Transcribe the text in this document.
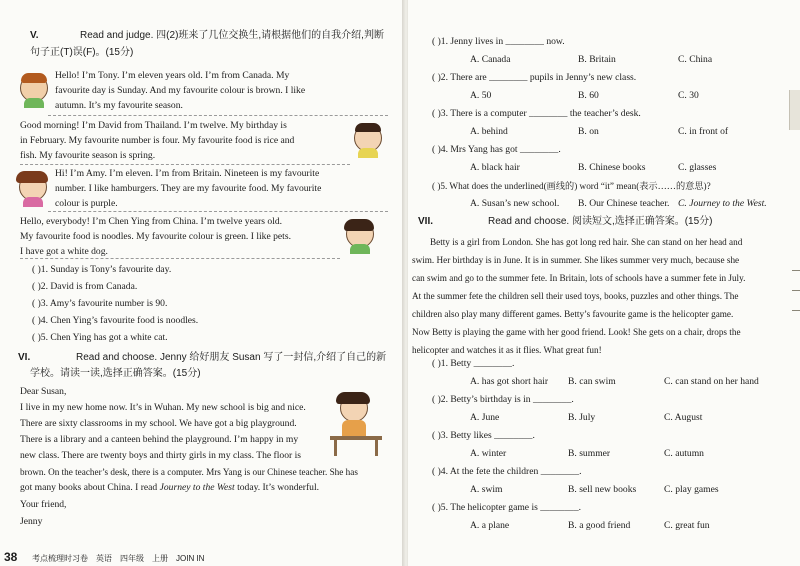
V.	Read and judge. 四(2)班来了几位交换生,请根据他们的自我介绍,判断
句子正(T)误(F)。(15分)
Hello! I’m Tony. I’m eleven years old. I’m from Canada. My
favourite day is Sunday. And my favourite colour is brown. I like
autumn. It’s my favourite season.
Good morning! I’m David from Thailand. I’m twelve. My birthday is
in February. My favourite number is four. My favourite food is rice and
fish. My favourite season is spring.
Hi! I’m Amy. I’m eleven. I’m from Britain. Nineteen is my favourite
number. I like hamburgers. They are my favourite food. My favourite
colour is purple.
Hello, everybody! I’m Chen Ying from China. I’m twelve years old.
My favourite food is noodles. My favourite colour is green. I like pets.
I have got a white dog.
( )1. Sunday is Tony’s favourite day.
( )2. David is from Canada.
( )3. Amy’s favourite number is 90.
( )4. Chen Ying’s favourite food is noodles.
( )5. Chen Ying has got a white cat.
VI.	Read and choose. Jenny 给好朋友 Susan 写了一封信,介绍了自己的新
学校。请读一读,选择正确答案。(15分)
Dear Susan,
I live in my new home now. It’s in Wuhan. My new school is big and nice.
There are sixty classrooms in my school. We have got a big playground.
There is a library and a canteen behind the playground. I’m happy in my
new class. There are twenty boys and thirty girls in my class. The floor is
brown. On the teacher’s desk, there is a computer. Mrs Yang is our Chinese teacher. She has
got many books about China. I read Journey to the West today. It’s wonderful.
Your friend,
Jenny
38 考点梳理时习卷　英语　四年级　上册　JOIN IN
( )1. Jenny lives in ________ now.
A. Canada	B. Britain	C. China
( )2. There are ________ pupils in Jenny’s new class.
A. 50	B. 60	C. 30
( )3. There is a computer ________ the teacher’s desk.
A. behind	B. on	C. in front of
( )4. Mrs Yang has got ________.
A. black hair	B. Chinese books	C. glasses
( )5. What does the underlined(画线的) word “it” mean(表示……的意思)?
A. Susan’s new school. B. Our Chinese teacher. C. Journey to the West.
VII.	Read and choose. 阅读短文,选择正确答案。(15分)
Betty is a girl from London. She has got long red hair. She can stand on her head and
swim. Her birthday is in June. It is in summer. She likes summer very much, because she
can swim and go to the summer fete. In Britain, lots of schools have a summer fete in July.
At the summer fete the children sell their used toys, books, puzzles and other things. The
children also play many different games. Betty’s favourite game is the helicopter game.
Now Betty is playing the game with her good friend. Look! She gets on a chair, drops the
helicopter and watches it as it flies. What great fun!
( )1. Betty ________.
A. has got short hair B. can swim	C. can stand on her hand
( )2. Betty’s birthday is in ________.
A. June	B. July	C. August
( )3. Betty likes ________.
A. winter	B. summer	C. autumn
( )4. At the fete the children ________.
A. swim	B. sell new books	C. play games
( )5. The helicopter game is ________.
A. a plane	B. a good friend	C. great fun
